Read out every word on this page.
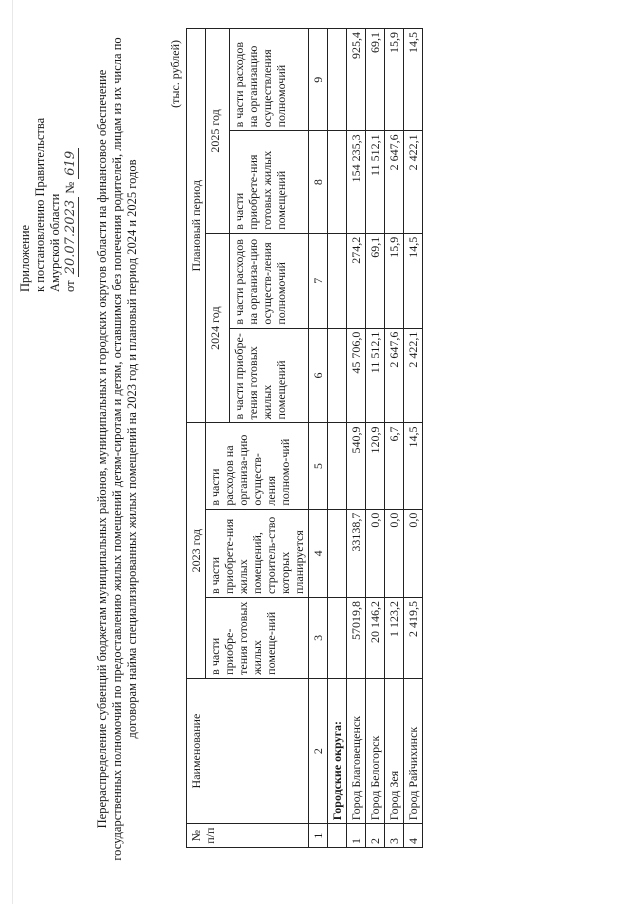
Приложение к постановлению Правительства Амурской области от 20.07.2023 № 619 Перераспределение субвенций бюджетам муниципальных районов, муниципальных и городских округов области на финансовое обеспечение государственных полномочий по предоставлению жилых помещений детям-сиротам и детям, оставшимся без попечения родителей, лицам из их числа по договорам найма специализированных жилых помещений на 2023 год и плановый период 2024 и 2025 годов
(тыс. рублей)
№ п/п	Наименование	2023 год			Плановый период			
		в части приобре-тения готовых жилых помеще-ний	в части приобрете-ния жилых помещений, строитель-ство которых планируется	в части расходов на организа-цию осуществ-ления полномо-чий	2024 год		2025 год	
					в части приобре-тения готовых жилых помещений	в части расходов на организа-цию осуществ-ления полномочий	в части приобрете-ния готовых жилых помещений	в части расходов на организацию осуществления полномочий
1	2	3	4	5	6	7	8	9
	Городские округа:							
1	Город Благовещенск	57019,8	33138,7	540,9	45 706,0	274,2	154 235,3	925,4
2	Город Белогорск	20 146,2	0,0	120,9	11 512,1	69,1	11 512,1	69,1
3	Город Зея	1 123,2	0,0	6,7	2 647,6	15,9	2 647,6	15,9
4	Город Райчихинск	2 419,5	0,0	14,5	2 422,1	14,5	2 422,1	14,5
